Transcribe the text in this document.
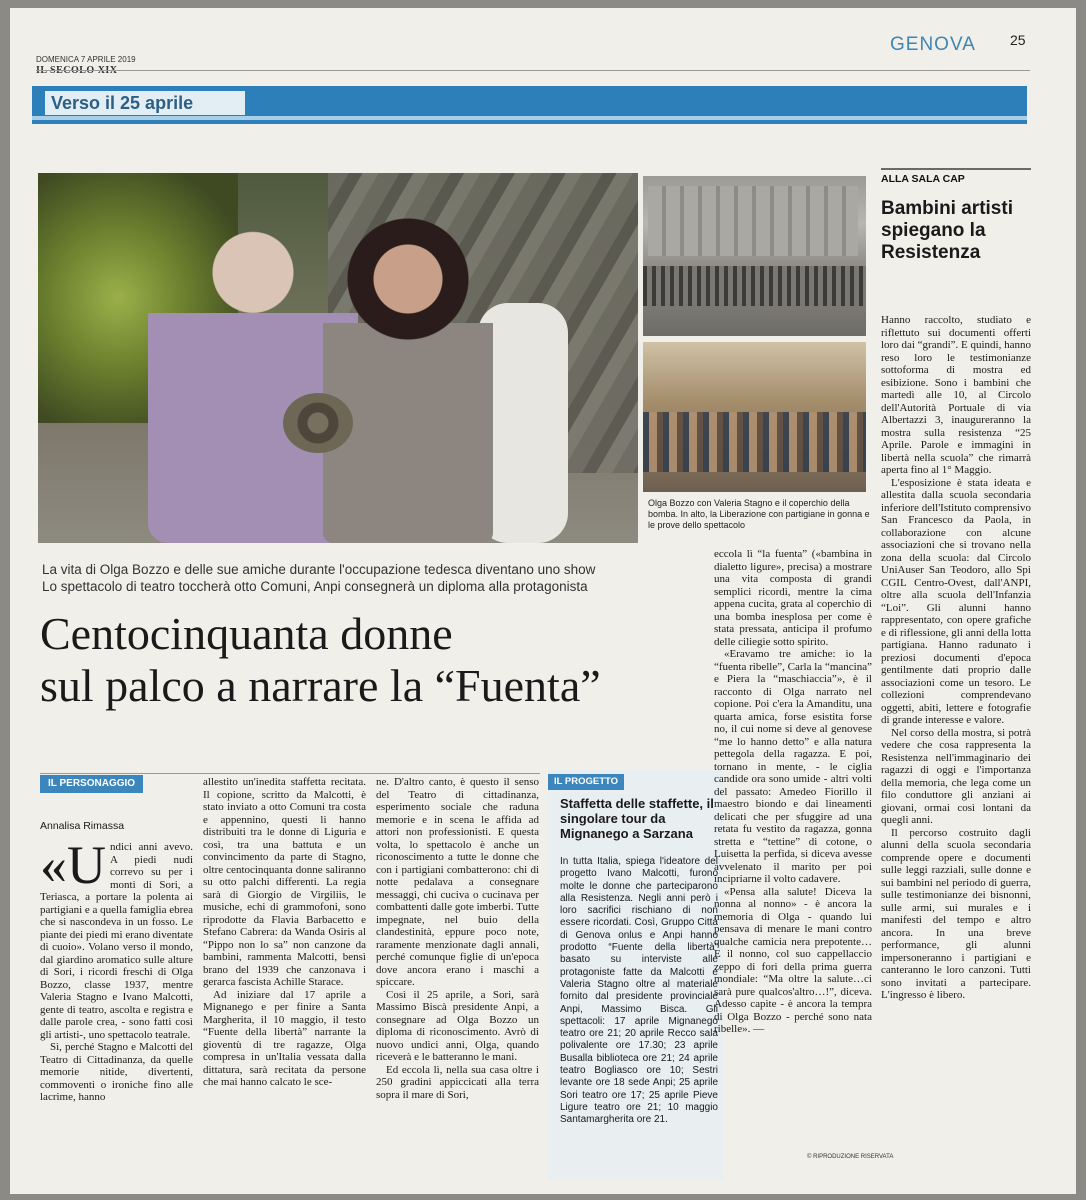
DOMENICA 7 APRILE 2019
GENOVA 25
Verso il 25 aprile
Olga Bozzo con Valeria Stagno e il coperchio della bomba. In alto, la Liberazione con partigiane in gonna e le prove dello spettacolo
La vita di Olga Bozzo e delle sue amiche durante l'occupazione tedesca diventano uno show
Lo spettacolo di teatro toccherà otto Comuni, Anpi consegnerà un diploma alla protagonista
Centocinquanta donne
sul palco a narrare la “Fuenta”
IL PERSONAGGIO
Annalisa Rimassa

«Undici anni avevo. A piedi nudi correvo su per i monti di Sori, a Teriasca, a portare la polenta ai partigiani e a quella famiglia ebrea che si nascondeva in un fosso. Le piante dei piedi mi erano diventate di cuoio». Volano verso il mondo, dal giardino aromatico sulle alture di Sori, i ricordi freschi di Olga Bozzo, classe 1937, mentre Valeria Stagno e Ivano Malcotti, gente di teatro, ascolta e registra e dalle parole crea, - sono fatti così gli artisti-, uno spettacolo teatrale.

Sì, perché Stagno e Malcotti del Teatro di Cittadinanza, da quelle memorie nitide, divertenti, commoventi o ironiche fino alle lacrime, hanno

allestito un'inedita staffetta recitata. Il copione, scritto da Malcotti, è stato inviato a otto Comuni tra costa e appennino, questi li hanno distribuiti tra le donne di Liguria e così, tra una battuta e un convincimento da parte di Stagno, oltre centocinquanta donne saliranno su otto palchi differenti. La regia sarà di Giorgio de Virgiliis, le musiche, echi di grammofoni, sono riprodotte da Flavia Barbacetto e Stefano Cabrera: da Wanda Osiris al “Pippo non lo sa” non canzone da bambini, rammenta Malcotti, bensì brano del 1939 che canzonava i gerarca fascista Achille Starace.

Ad iniziare dal 17 aprile a Mignanego e per finire a Santa Margherita, il 10 maggio, il testo “Fuente della libertà” narrante la gioventù di tre ragazze, Olga compresa in un'Italia vessata dalla dittatura, sarà recitata da persone che mai hanno calcato le sce-

ne. D'altro canto, è questo il senso del Teatro di cittadinanza, esperimento sociale che raduna memorie e in scena le affida ad attori non professionisti. E questa volta, lo spettacolo è anche un riconoscimento a tutte le donne che con i partigiani combatterono: chi di notte pedalava a consegnare messaggi, chi cuciva o cucinava per combattenti dalle gote imberbi. Tutte impegnate, nel buio della clandestinità, eppure poco note, raramente menzionate dagli annali, perché comunque figlie di un'epoca dove ancora erano i maschi a spiccare.

Così il 25 aprile, a Sori, sarà Massimo Biscà presidente Anpi, a consegnare ad Olga Bozzo un diploma di riconoscimento. Avrò di nuovo undici anni, Olga, quando riceverà e le batteranno le mani.

Ed eccola lì, nella sua casa oltre i 250 gradini appiccicati alla terra sopra il mare di Sori,

IL PROGETTO
Staffetta delle staffette, il singolare tour da Mignanego a Sarzana
In tutta Italia, spiega l'ideatore del progetto Ivano Malcotti, furono molte le donne che parteciparono alla Resistenza. Negli anni però i loro sacrifici rischiano di non essere ricordati. Così, Gruppo Città di Genova onlus e Anpi hanno prodotto “Fuente della libertà” basato su interviste alle protagoniste fatte da Malcotti e Valeria Stagno oltre al materiale fornito dal presidente provinciale Anpi, Massimo Bisca. Gli spettacoli: 17 aprile Mignanego teatro ore 21; 20 aprile Recco sala polivalente ore 17.30; 23 aprile Busalla biblioteca ore 21; 24 aprile teatro Bogliasco ore 10; Sestri levante ore 18 sede Anpi; 25 aprile Sori teatro ore 17; 25 aprile Pieve Ligure teatro ore 21; 10 maggio Santamargherita ore 21.

eccola lì “la fuenta” («bambina in dialetto ligure», precisa) a mostrare una vita composta di grandi semplici ricordi, mentre la cima appena cucita, grata al coperchio di una bomba inesplosa per come è stata pressata, anticipa il profumo delle ciliegie sotto spirito.

«Eravamo tre amiche: io la “fuenta ribelle”, Carla la “mancina” e Piera la “maschiaccia”», è il racconto di Olga narrato nel copione. Poi c'era la Amanditu, una quarta amica, forse esistita forse no, il cui nome si deve al genovese “me lo hanno detto” e alla natura pettegola della ragazza. E poi, tornano in mente, - le ciglia candide ora sono umide - altri volti del passato: Amedeo Fiorillo il maestro biondo e dai lineamenti delicati che per sfuggire ad una retata fu vestito da ragazza, gonna stretta e “tettine” di cotone, o Luisetta la perfida, si diceva avesse avvelenato il marito per poi incipriarne il volto cadavere.

«Pensa alla salute! Diceva la nonna al nonno» - è ancora la memoria di Olga - quando lui pensava di menare le mani contro qualche camicia nera prepotente… E il nonno, col suo cappellaccio zeppo di fori della prima guerra mondiale: “Ma oltre la salute…ci sarà pure qualcos'altro…!”, diceva. Adesso capite - è ancora la tempra di Olga Bozzo - perché sono nata ribelle». —

© RIPRODUZIONE RISERVATA
ALLA SALA CAP
Bambini artisti spiegano la Resistenza

Hanno raccolto, studiato e riflettuto sui documenti offerti loro dai “grandi”. E quindi, hanno reso loro le testimonianze sottoforma di mostra ed esibizione. Sono i bambini che martedì alle 10, al Circolo dell'Autorità Portuale di via Albertazzi 3, inaugureranno la mostra sulla resistenza “25 Aprile. Parole e immagini in libertà nella scuola” che rimarrà aperta fino al 1° Maggio.

L'esposizione è stata ideata e allestita dalla scuola secondaria inferiore dell'Istituto comprensivo San Francesco da Paola, in collaborazione con alcune associazioni che si trovano nella zona della scuola: dal Circolo UniAuser San Teodoro, allo Spi CGIL Centro-Ovest, dall'ANPI, oltre alla scuola dell'Infanzia “Loi”. Gli alunni hanno rappresentato, con opere grafiche e di riflessione, gli anni della lotta partigiana. Hanno radunato i preziosi documenti d'epoca gentilmente dati proprio dalle associazioni come un tesoro. Le collezioni comprendevano oggetti, abiti, lettere e fotografie di grande interesse e valore.

Nel corso della mostra, si potrà vedere che cosa rappresenta la Resistenza nell'immaginario dei ragazzi di oggi e l'importanza della memoria, che lega come un filo conduttore gli anziani ai giovani, ormai così lontani da quegli anni.

Il percorso costruito dagli alunni della scuola secondaria comprende opere e documenti sulle leggi razziali, sulle donne e sui bambini nel periodo di guerra, sulle testimonianze dei bisnonni, sulle armi, sui murales e i manifesti del tempo e altro ancora. In una breve performance, gli alunni impersoneranno i partigiani e canteranno le loro canzoni. Tutti sono invitati a partecipare. L'ingresso è libero.
